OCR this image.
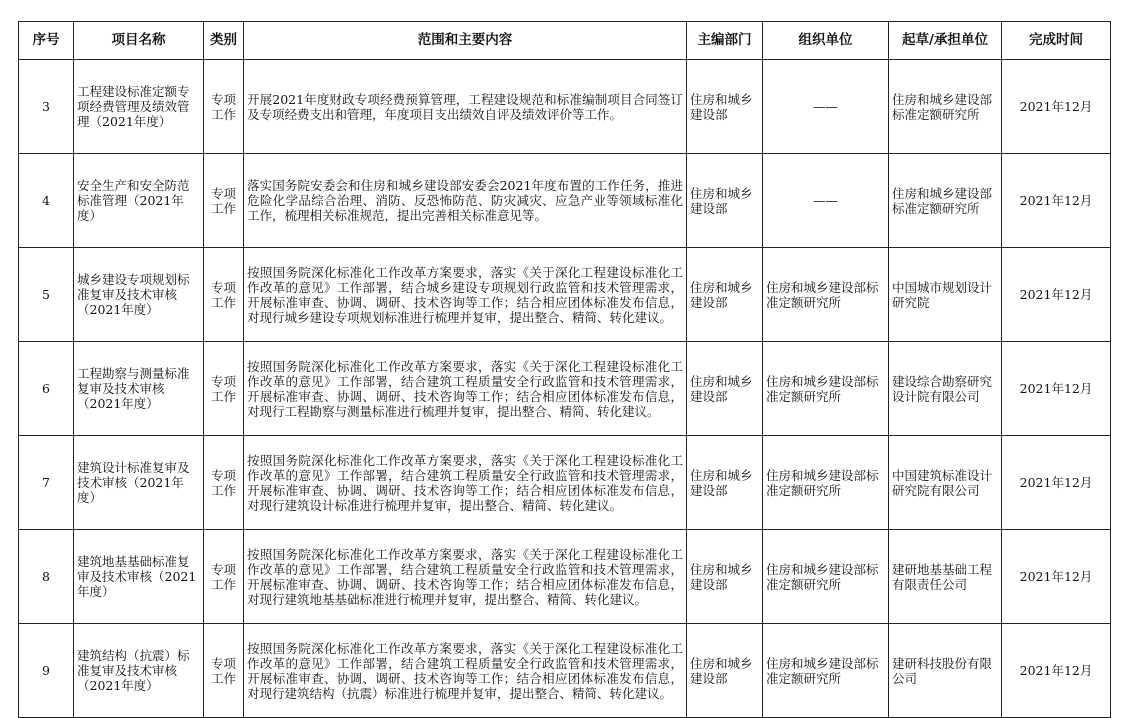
序号	项目名称	类别	范围和主要内容	主编部门	组织单位	起草/承担单位	完成时间
3	工程建设标准定额专项经费管理及绩效管理（2021年度）	专项工作	开展2021年度财政专项经费预算管理，工程建设规范和标准编制项目合同签订及专项经费支出和管理，年度项目支出绩效自评及绩效评价等工作。	住房和城乡建设部	——	住房和城乡建设部标准定额研究所	2021年12月
4	安全生产和安全防范标准管理（2021年度）	专项工作	落实国务院安委会和住房和城乡建设部安委会2021年度布置的工作任务，推进危险化学品综合治理、消防、反恐怖防范、防灾减灾、应急产业等领域标准化工作，梳理相关标准规范，提出完善相关标准意见等。	住房和城乡建设部	——	住房和城乡建设部标准定额研究所	2021年12月
5	城乡建设专项规划标准复审及技术审核（2021年度）	专项工作	按照国务院深化标准化工作改革方案要求，落实《关于深化工程建设标准化工作改革的意见》工作部署，结合城乡建设专项规划行政监管和技术管理需求，开展标准审查、协调、调研、技术咨询等工作；结合相应团体标准发布信息，对现行城乡建设专项规划标准进行梳理并复审，提出整合、精简、转化建议。	住房和城乡建设部	住房和城乡建设部标准定额研究所	中国城市规划设计研究院	2021年12月
6	工程勘察与测量标准复审及技术审核（2021年度）	专项工作	按照国务院深化标准化工作改革方案要求，落实《关于深化工程建设标准化工作改革的意见》工作部署，结合建筑工程质量安全行政监管和技术管理需求，开展标准审查、协调、调研、技术咨询等工作；结合相应团体标准发布信息，对现行工程勘察与测量标准进行梳理并复审，提出整合、精简、转化建议。	住房和城乡建设部	住房和城乡建设部标准定额研究所	建设综合勘察研究设计院有限公司	2021年12月
7	建筑设计标准复审及技术审核（2021年度）	专项工作	按照国务院深化标准化工作改革方案要求，落实《关于深化工程建设标准化工作改革的意见》工作部署，结合建筑工程质量安全行政监管和技术管理需求，开展标准审查、协调、调研、技术咨询等工作；结合相应团体标准发布信息，对现行建筑设计标准进行梳理并复审，提出整合、精简、转化建议。	住房和城乡建设部	住房和城乡建设部标准定额研究所	中国建筑标准设计研究院有限公司	2021年12月
8	建筑地基基础标准复审及技术审核（2021年度）	专项工作	按照国务院深化标准化工作改革方案要求，落实《关于深化工程建设标准化工作改革的意见》工作部署，结合建筑工程质量安全行政监管和技术管理需求，开展标准审查、协调、调研、技术咨询等工作；结合相应团体标准发布信息，对现行建筑地基基础标准进行梳理并复审，提出整合、精简、转化建议。	住房和城乡建设部	住房和城乡建设部标准定额研究所	建研地基基础工程有限责任公司	2021年12月
9	建筑结构（抗震）标准复审及技术审核（2021年度）	专项工作	按照国务院深化标准化工作改革方案要求，落实《关于深化工程建设标准化工作改革的意见》工作部署，结合建筑工程质量安全行政监管和技术管理需求，开展标准审查、协调、调研、技术咨询等工作；结合相应团体标准发布信息，对现行建筑结构（抗震）标准进行梳理并复审，提出整合、精简、转化建议。	住房和城乡建设部	住房和城乡建设部标准定额研究所	建研科技股份有限公司	2021年12月
